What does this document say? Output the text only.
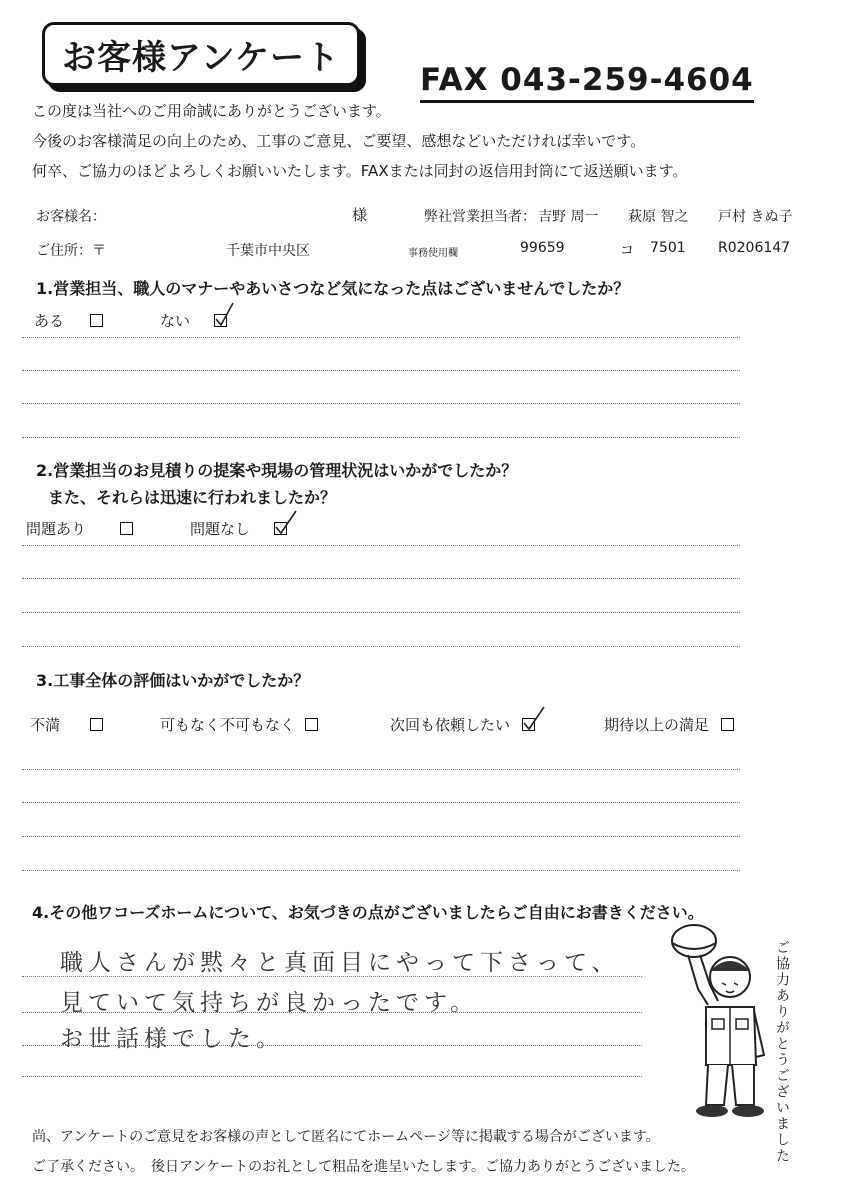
お客様アンケート
FAX 043-259-4604
この度は当社へのご用命誠にありがとうございます。
今後のお客様満足の向上のため、工事のご意見、ご要望、感想などいただければ幸いです。
何卒、ご協力のほどよろしくお願いいたします。FAXまたは同封の返信用封筒にて返送願います。
お客様名：	様	弊社営業担当者： 吉野 周一 萩原 智之 戸村 きぬ子
ご住所：〒	千葉市中央区	事務使用欄	99659	コ 7501 R0206147
1.営業担当、職人のマナーやあいさつなど気になった点はございませんでしたか？
ある	ない
2.営業担当のお見積りの提案や現場の管理状況はいかがでしたか？
また、それらは迅速に行われましたか？
問題あり	問題なし
3.工事全体の評価はいかがでしたか？
不満	可もなく不可もなく	次回も依頼したい	期待以上の満足
4.その他ワコーズホームについて、お気づきの点がございましたらご自由にお書きください。
職人さんが黙々と真面目にやって下さって、
見ていて気持ちが良かったです。
お世話様でした。	ご協力ありがとうございました
尚、アンケートのご意見をお客様の声として匿名にてホームページ等に掲載する場合がございます。
ご了承ください。　後日アンケートのお礼として粗品を進呈いたします。ご協力ありがとうございました。
